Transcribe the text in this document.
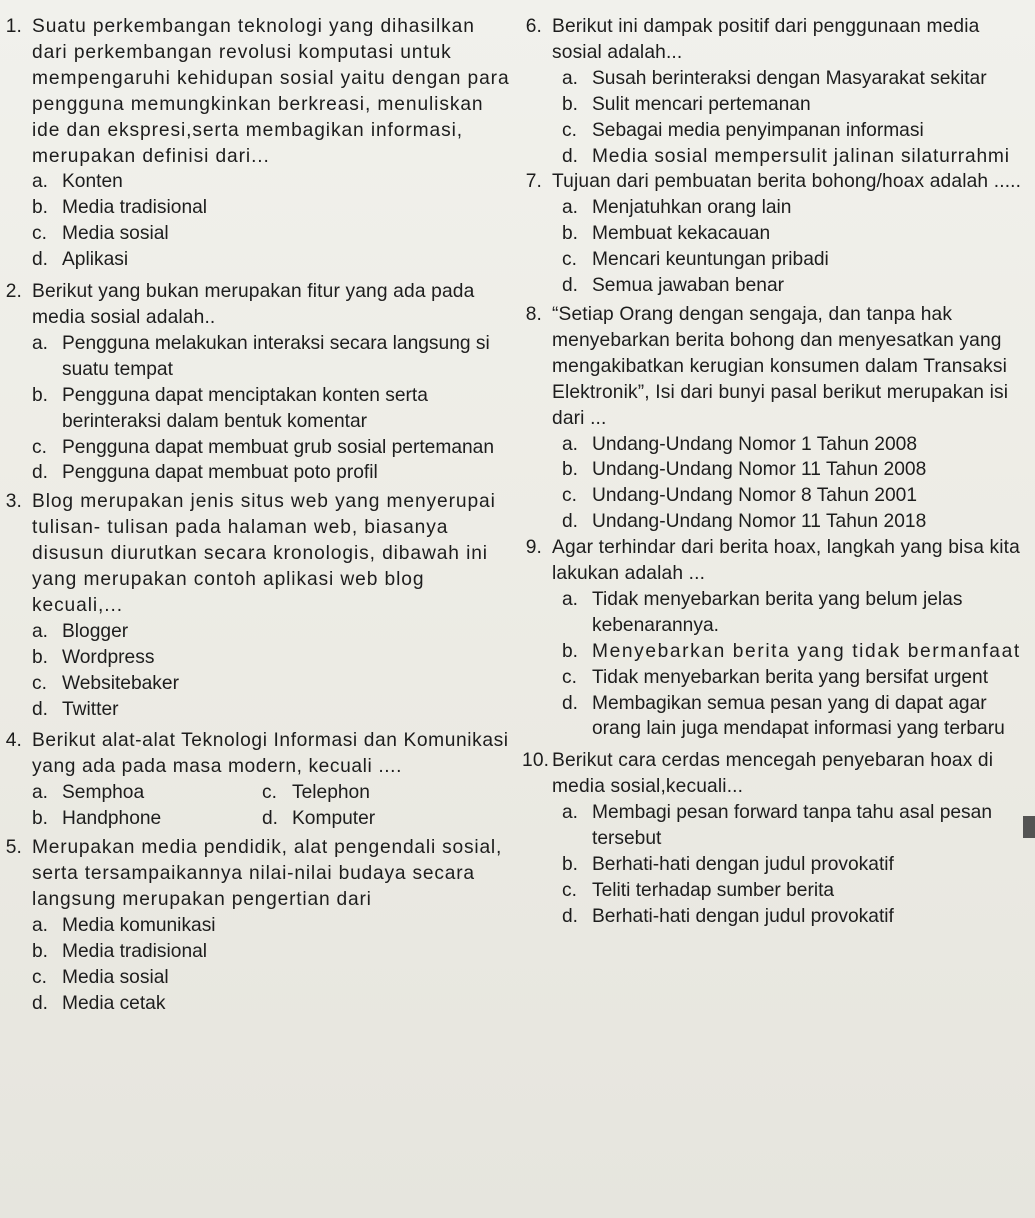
1. Suatu perkembangan teknologi yang dihasilkan dari perkembangan revolusi komputasi untuk mempengaruhi kehidupan sosial yaitu dengan para pengguna memungkinkan berkreasi, menuliskan ide dan ekspresi,serta membagikan informasi, merupakan definisi dari...
a. Konten
b. Media tradisional
c. Media sosial
d. Aplikasi
2. Berikut yang bukan merupakan fitur yang ada pada media sosial adalah..
a. Pengguna melakukan interaksi secara langsung si suatu tempat
b. Pengguna dapat menciptakan konten serta berinteraksi dalam bentuk komentar
c. Pengguna dapat membuat grub sosial pertemanan
d. Pengguna dapat membuat poto profil
3. Blog merupakan jenis situs web yang menyerupai tulisan- tulisan pada halaman web, biasanya disusun diurutkan secara kronologis, dibawah ini yang merupakan contoh aplikasi web blog kecuali,...
a. Blogger
b. Wordpress
c. Websitebaker
d. Twitter
4. Berikut alat-alat Teknologi Informasi dan Komunikasi yang ada pada masa modern, kecuali ....
a. Semphoa	c. Telephon
b. Handphone	d. Komputer
5. Merupakan media pendidik, alat pengendali sosial, serta tersampaikannya nilai-nilai budaya secara langsung merupakan pengertian dari
a. Media komunikasi
b. Media tradisional
c. Media sosial
d. Media cetak
6. Berikut ini dampak positif dari penggunaan media sosial adalah...
a. Susah berinteraksi dengan Masyarakat sekitar
b. Sulit mencari pertemanan
c. Sebagai media penyimpanan informasi
d. Media sosial mempersulit jalinan silaturrahmi
7. Tujuan dari pembuatan berita bohong/hoax adalah .....
a. Menjatuhkan orang lain
b. Membuat kekacauan
c. Mencari keuntungan pribadi
d. Semua jawaban benar
8. “Setiap Orang dengan sengaja, dan tanpa hak menyebarkan berita bohong dan menyesatkan yang mengakibatkan kerugian konsumen dalam Transaksi Elektronik”, Isi dari bunyi pasal berikut merupakan isi dari ...
a. Undang-Undang Nomor 1 Tahun 2008
b. Undang-Undang Nomor 11 Tahun 2008
c. Undang-Undang Nomor 8 Tahun 2001
d. Undang-Undang Nomor 11 Tahun 2018
9. Agar terhindar dari berita hoax, langkah yang bisa kita lakukan adalah ...
a. Tidak menyebarkan berita yang belum jelas kebenarannya.
b. Menyebarkan berita yang tidak bermanfaat
c. Tidak menyebarkan berita yang bersifat urgent
d. Membagikan semua pesan yang di dapat agar orang lain juga mendapat informasi yang terbaru
10. Berikut cara cerdas mencegah penyebaran hoax di media sosial,kecuali...
a. Membagi pesan forward tanpa tahu asal pesan tersebut
b. Berhati-hati dengan judul provokatif
c. Teliti terhadap sumber berita
d. Berhati-hati dengan judul provokatif
